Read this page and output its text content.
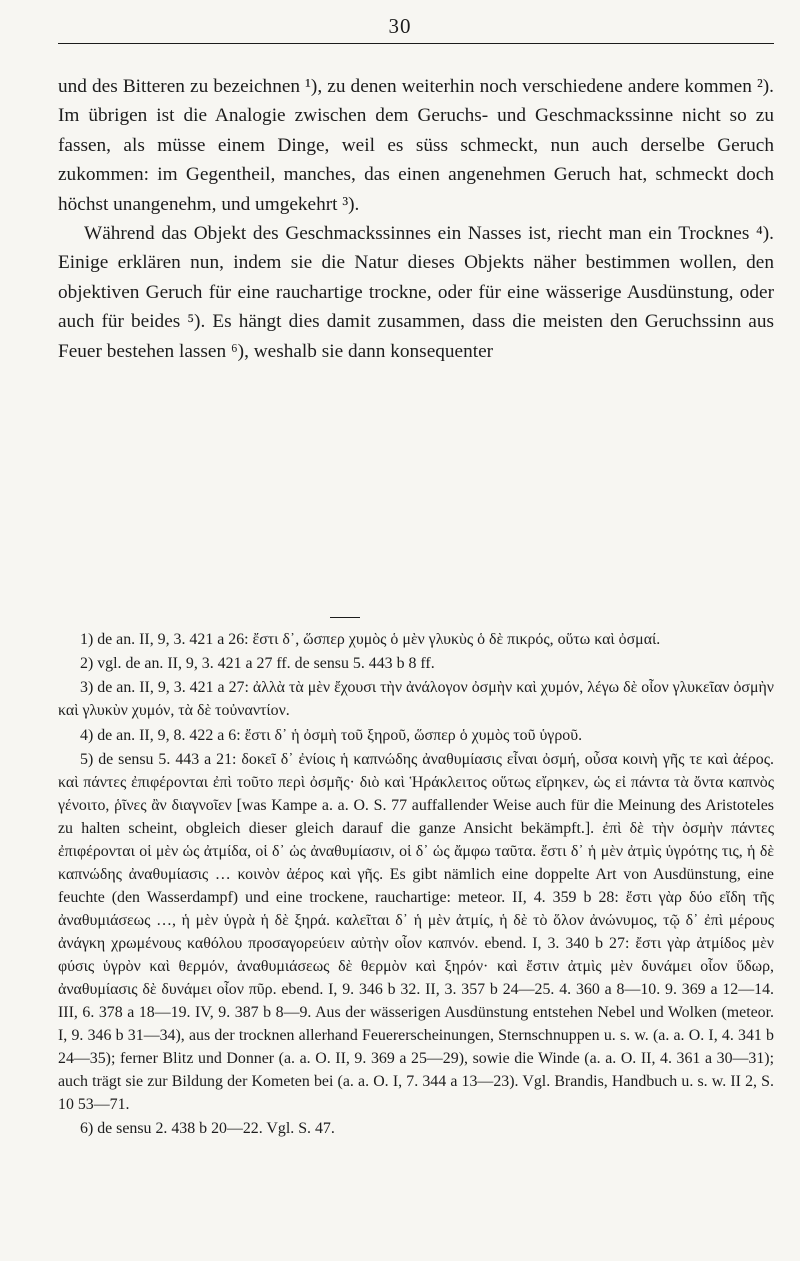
30

und des Bitteren zu bezeichnen ¹), zu denen weiterhin noch verschiedene andere kommen ²). Im übrigen ist die Analogie zwischen dem Geruchs- und Geschmackssinne nicht so zu fassen, als müsse einem Dinge, weil es süss schmeckt, nun auch derselbe Geruch zukommen: im Gegentheil, manches, das einen angenehmen Geruch hat, schmeckt doch höchst unangenehm, und umgekehrt ³).

Während das Objekt des Geschmackssinnes ein Nasses ist, riecht man ein Trocknes ⁴). Einige erklären nun, indem sie die Natur dieses Objekts näher bestimmen wollen, den objektiven Geruch für eine rauchartige trockne, oder für eine wässerige Ausdünstung, oder auch für beides ⁵). Es hängt dies damit zusammen, dass die meisten den Geruchssinn aus Feuer bestehen lassen ⁶), weshalb sie dann konsequenter

1) de an. II, 9, 3. 421 a 26: ἔστι δ᾽, ὥσπερ χυμὸς ὁ μὲν γλυκὺς ὁ δὲ πικρός, οὕτω καὶ ὀσμαί.

2) vgl. de an. II, 9, 3. 421 a 27 ff. de sensu 5. 443 b 8 ff.

3) de an. II, 9, 3. 421 a 27: ἀλλὰ τὰ μὲν ἔχουσι τὴν ἀνάλογον ὀσμὴν καὶ χυμόν, λέγω δὲ οἷον γλυκεῖαν ὀσμὴν καὶ γλυκὺν χυμόν, τὰ δὲ τοὐναντίον.

4) de an. II, 9, 8. 422 a 6: ἔστι δ᾽ ἡ ὀσμὴ τοῦ ξηροῦ, ὥσπερ ὁ χυμὸς τοῦ ὑγροῦ.

5) de sensu 5. 443 a 21: δοκεῖ δ᾽ ἐνίοις ἡ καπνώδης ἀναθυμίασις εἶναι ὀσμή, οὖσα κοινὴ γῆς τε καὶ ἀέρος. καὶ πάντες ἐπιφέρονται ἐπὶ τοῦτο περὶ ὀσμῆς· διὸ καὶ Ἡράκλειτος οὕτως εἴρηκεν, ὡς εἰ πάντα τὰ ὄντα καπνὸς γένοιτο, ῥῖνες ἂν διαγνοῖεν [was Kampe a. a. O. S. 77 auffallender Weise auch für die Meinung des Aristoteles zu halten scheint, obgleich dieser gleich darauf die ganze Ansicht bekämpft.]. ἐπὶ δὲ τὴν ὀσμὴν πάντες ἐπιφέρονται οἱ μὲν ὡς ἀτμίδα, οἱ δ᾽ ὡς ἀναθυμίασιν, οἱ δ᾽ ὡς ἄμφω ταῦτα. ἔστι δ᾽ ἡ μὲν ἀτμὶς ὑγρότης τις, ἡ δὲ καπνώδης ἀναθυμίασις … κοινὸν ἀέρος καὶ γῆς. Es gibt nämlich eine doppelte Art von Ausdünstung, eine feuchte (den Wasserdampf) und eine trockene, rauchartige: meteor. II, 4. 359 b 28: ἔστι γὰρ δύο εἴδη τῆς ἀναθυμιάσεως …, ἡ μὲν ὑγρὰ ἡ δὲ ξηρά. καλεῖται δ᾽ ἡ μὲν ἀτμίς, ἡ δὲ τὸ ὅλον ἀνώνυμος, τῷ δ᾽ ἐπὶ μέρους ἀνάγκη χρωμένους καθόλου προσαγορεύειν αὐτὴν οἷον καπνόν. ebend. I, 3. 340 b 27: ἔστι γὰρ ἀτμίδος μὲν φύσις ὑγρὸν καὶ θερμόν, ἀναθυμιάσεως δὲ θερμὸν καὶ ξηρόν· καὶ ἔστιν ἀτμὶς μὲν δυνάμει οἷον ὕδωρ, ἀναθυμίασις δὲ δυνάμει οἷον πῦρ. ebend. I, 9. 346 b 32. II, 3. 357 b 24—25. 4. 360 a 8—10. 9. 369 a 12—14. III, 6. 378 a 18—19. IV, 9. 387 b 8—9. Aus der wässerigen Ausdünstung entstehen Nebel und Wolken (meteor. I, 9. 346 b 31—34), aus der trocknen allerhand Feuererscheinungen, Sternschnuppen u. s. w. (a. a. O. I, 4. 341 b 24—35); ferner Blitz und Donner (a. a. O. II, 9. 369 a 25—29), sowie die Winde (a. a. O. II, 4. 361 a 30—31); auch trägt sie zur Bildung der Kometen bei (a. a. O. I, 7. 344 a 13—23). Vgl. Brandis, Handbuch u. s. w. II 2, S. 10 53—71.

6) de sensu 2. 438 b 20—22. Vgl. S. 47.
